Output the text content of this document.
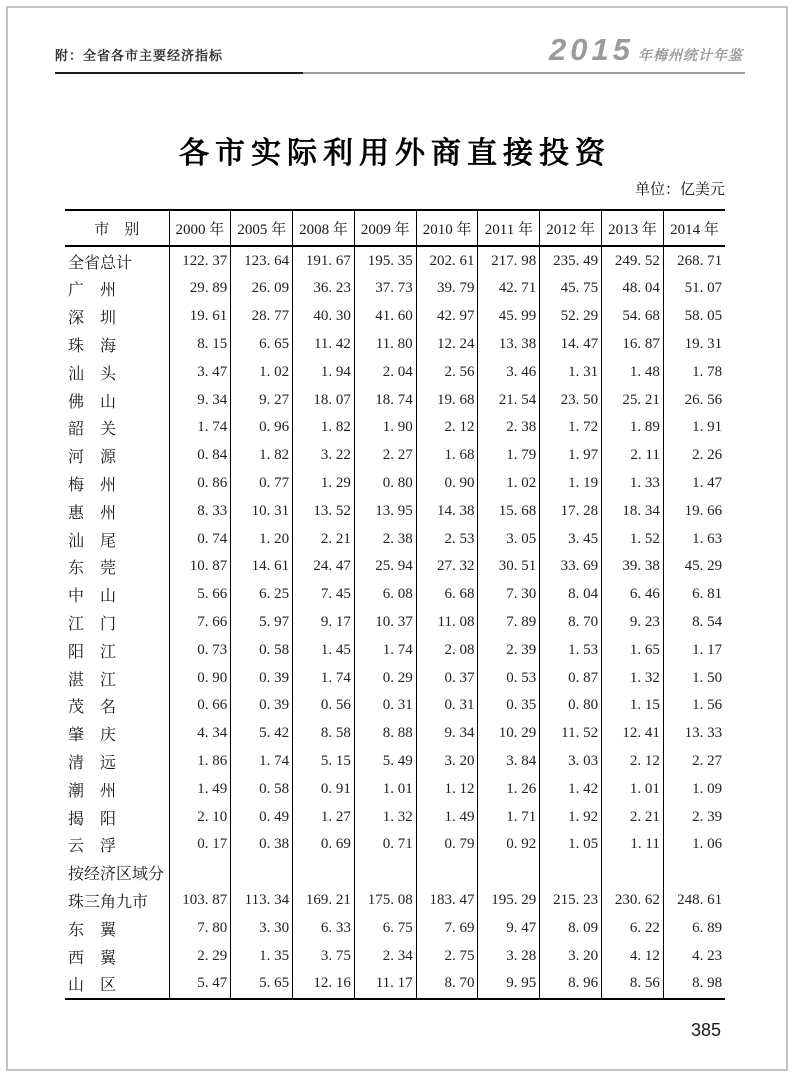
附：全省各市主要经济指标	2015 年梅州统计年鉴
各市实际利用外商直接投资
单位：亿美元
市　别	2000 年	2005 年	2008 年	2009 年	2010 年	2011 年	2012 年	2013 年	2014 年
全省总计	122. 37	123. 64	191. 67	195. 35	202. 61	217. 98	235. 49	249. 52	268. 71
广　州	29. 89	26. 09	36. 23	37. 73	39. 79	42. 71	45. 75	48. 04	51. 07
深　圳	19. 61	28. 77	40. 30	41. 60	42. 97	45. 99	52. 29	54. 68	58. 05
珠　海	8. 15	6. 65	11. 42	11. 80	12. 24	13. 38	14. 47	16. 87	19. 31
汕　头	3. 47	1. 02	1. 94	2. 04	2. 56	3. 46	1. 31	1. 48	1. 78
佛　山	9. 34	9. 27	18. 07	18. 74	19. 68	21. 54	23. 50	25. 21	26. 56
韶　关	1. 74	0. 96	1. 82	1. 90	2. 12	2. 38	1. 72	1. 89	1. 91
河　源	0. 84	1. 82	3. 22	2. 27	1. 68	1. 79	1. 97	2. 11	2. 26
梅　州	0. 86	0. 77	1. 29	0. 80	0. 90	1. 02	1. 19	1. 33	1. 47
惠　州	8. 33	10. 31	13. 52	13. 95	14. 38	15. 68	17. 28	18. 34	19. 66
汕　尾	0. 74	1. 20	2. 21	2. 38	2. 53	3. 05	3. 45	1. 52	1. 63
东　莞	10. 87	14. 61	24. 47	25. 94	27. 32	30. 51	33. 69	39. 38	45. 29
中　山	5. 66	6. 25	7. 45	6. 08	6. 68	7. 30	8. 04	6. 46	6. 81
江　门	7. 66	5. 97	9. 17	10. 37	11. 08	7. 89	8. 70	9. 23	8. 54
阳　江	0. 73	0. 58	1. 45	1. 74	2. 08	2. 39	1. 53	1. 65	1. 17
湛　江	0. 90	0. 39	1. 74	0. 29	0. 37	0. 53	0. 87	1. 32	1. 50
茂　名	0. 66	0. 39	0. 56	0. 31	0. 31	0. 35	0. 80	1. 15	1. 56
肇　庆	4. 34	5. 42	8. 58	8. 88	9. 34	10. 29	11. 52	12. 41	13. 33
清　远	1. 86	1. 74	5. 15	5. 49	3. 20	3. 84	3. 03	2. 12	2. 27
潮　州	1. 49	0. 58	0. 91	1. 01	1. 12	1. 26	1. 42	1. 01	1. 09
揭　阳	2. 10	0. 49	1. 27	1. 32	1. 49	1. 71	1. 92	2. 21	2. 39
云　浮	0. 17	0. 38	0. 69	0. 71	0. 79	0. 92	1. 05	1. 11	1. 06
按经济区域分									
珠三角九市	103. 87	113. 34	169. 21	175. 08	183. 47	195. 29	215. 23	230. 62	248. 61
东　翼	7. 80	3. 30	6. 33	6. 75	7. 69	9. 47	8. 09	6. 22	6. 89
西　翼	2. 29	1. 35	3. 75	2. 34	2. 75	3. 28	3. 20	4. 12	4. 23
山　区	5. 47	5. 65	12. 16	11. 17	8. 70	9. 95	8. 96	8. 56	8. 98
385
